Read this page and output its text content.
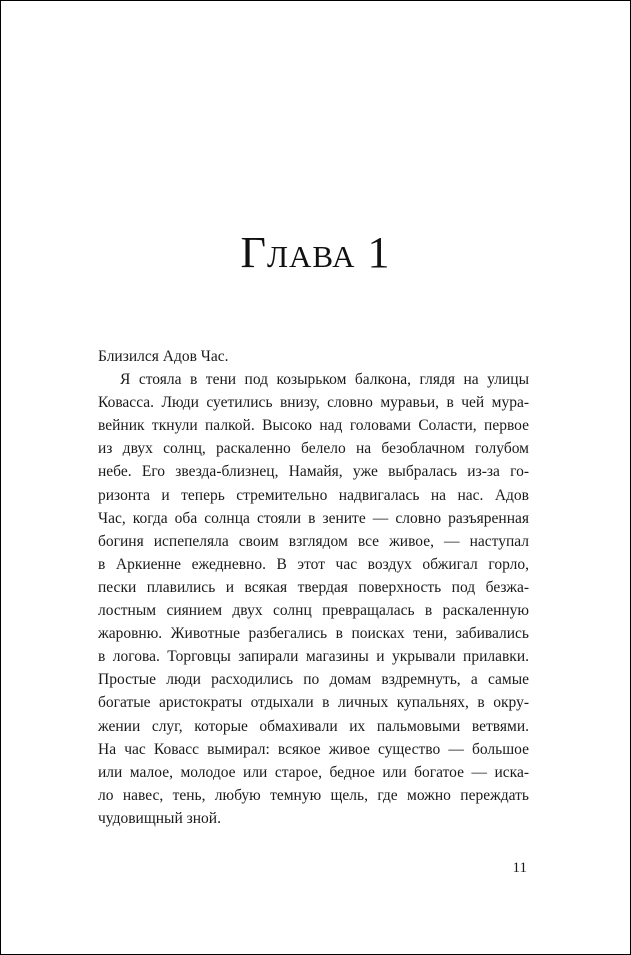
Глава 1
Близился Адов Час.
Я стояла в тени под козырьком балкона, глядя на улицы
Ковасса. Люди суетились внизу, словно муравьи, в чей мура-
вейник ткнули палкой. Высоко над головами Соласти, первое
из двух солнц, раскаленно белело на безоблачном голубом
небе. Его звезда-близнец, Намайя, уже выбралась из-за го-
ризонта и теперь стремительно надвигалась на нас. Адов
Час, когда оба солнца стояли в зените — словно разъяренная
богиня испепеляла своим взглядом все живое, — наступал
в Аркиенне ежедневно. В этот час воздух обжигал горло,
пески плавились и всякая твердая поверхность под безжа-
лостным сиянием двух солнц превращалась в раскаленную
жаровню. Животные разбегались в поисках тени, забивались
в логова. Торговцы запирали магазины и укрывали прилавки.
Простые люди расходились по домам вздремнуть, а самые
богатые аристократы отдыхали в личных купальнях, в окру-
жении слуг, которые обмахивали их пальмовыми ветвями.
На час Ковасс вымирал: всякое живое существо — большое
или малое, молодое или старое, бедное или богатое — иска-
ло навес, тень, любую темную щель, где можно переждать
чудовищный зной.
11
